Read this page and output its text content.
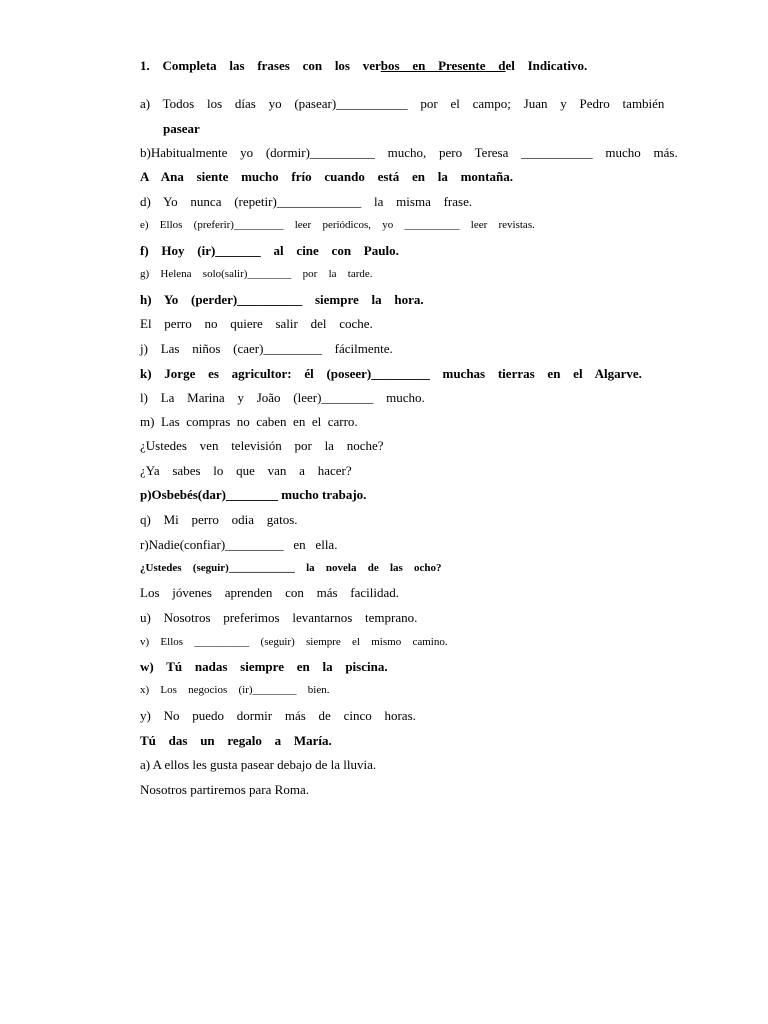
1.   Completa   las   frases   con   los   verbos   en   Presente   del   Indicativo.
a)   Todos   los   días   yo   (pasear)___________   por   el   campo;   Juan   y   Pedro   también
pasear
b)Habitualmente   yo   (dormir)__________   mucho,   pero   Teresa   ___________   mucho   más.
A   Ana   siente   mucho   frío   cuando   está   en   la   montaña.
d)   Yo   nunca   (repetir)_____________   la   misma   frase.
e)   Ellos   (preferir)_________   leer   periódicos,   yo   __________   leer   revistas.
f)   Hoy   (ir)_______   al   cine   con   Paulo.
g)   Helena   solo(salir)________   por   la   tarde.
h)   Yo   (perder)__________   siempre   la   hora.
El   perro   no   quiere   salir   del   coche.
j)   Las   niños   (caer)_________   fácilmente.
k)   Jorge   es   agricultor:   él   (poseer)_________   muchas   tierras   en   el   Algarve.
l)   La   Marina   y   João   (leer)________   mucho.
m)  Las  compras  no  caben  en  el  carro.
¿Ustedes   ven   televisión   por   la   noche?
¿Ya   sabes   lo   que   van   a   hacer?
p)Osbebés(dar)________ mucho trabajo.
q)   Mi   perro   odia   gatos.
r)Nadie(confiar)_________   en   ella.
¿Ustedes   (seguir)____________   la   novela   de   las   ocho?
Los   jóvenes   aprenden   con   más   facilidad.
u)   Nosotros   preferimos   levantarnos   temprano.
v)   Ellos   __________   (seguir)   siempre   el   mismo   camino.
w)   Tú   nadas   siempre   en   la   piscina.
x)   Los   negocios   (ir)________   bien.
y)   No   puedo   dormir   más   de   cinco   horas.
Tú   das   un   regalo   a   María.
a) A ellos les gusta pasear debajo de la lluvia.
Nosotros partiremos para Roma.
